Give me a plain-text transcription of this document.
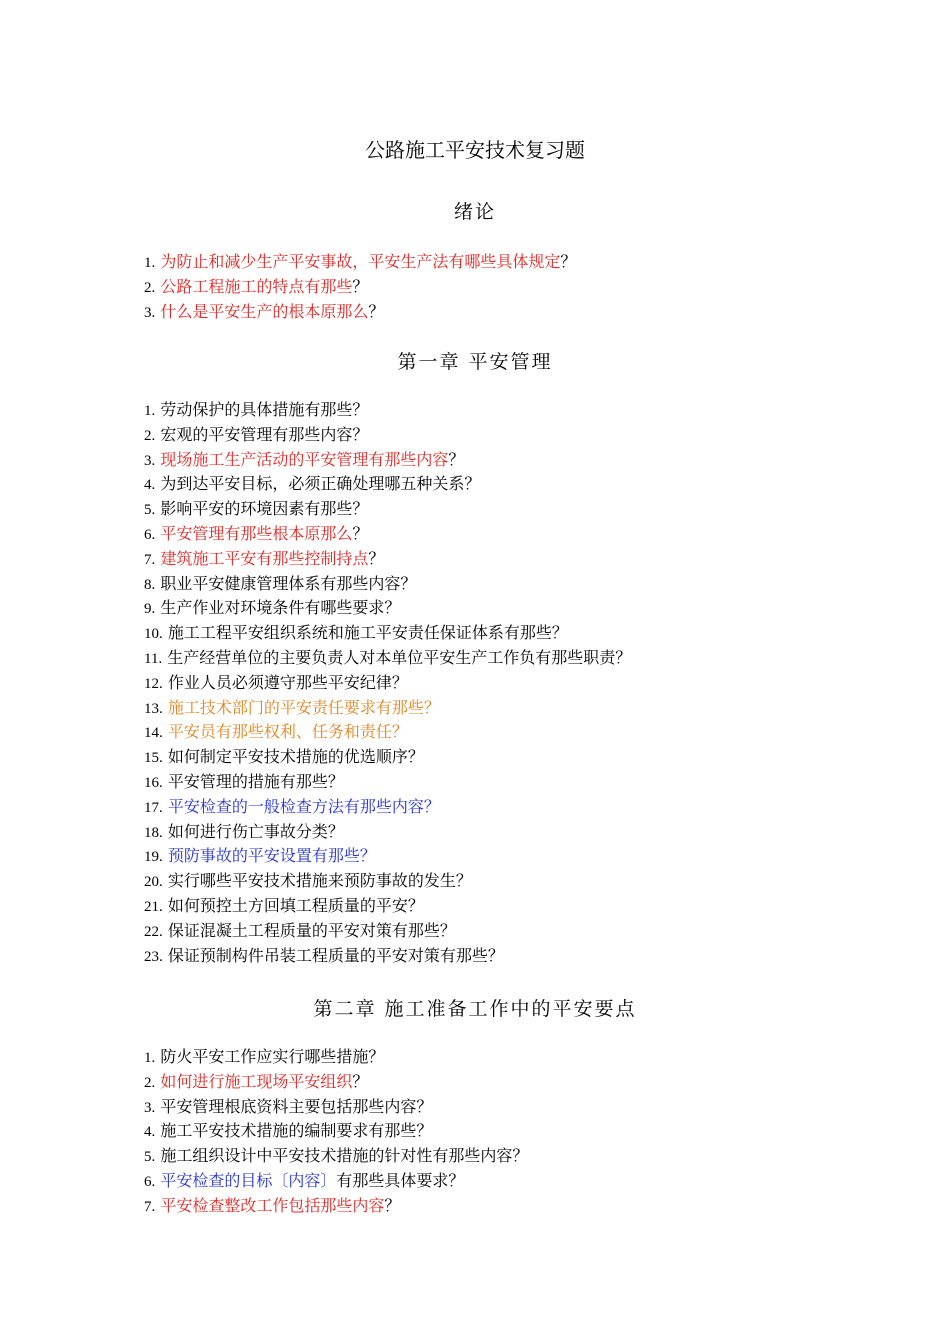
公路施工平安技术复习题
绪论
1. 为防止和减少生产平安事故，平安生产法有哪些具体规定？
2. 公路工程施工的特点有那些？
3. 什么是平安生产的根本原那么？
第一章 平安管理
1. 劳动保护的具体措施有那些？
2. 宏观的平安管理有那些内容？
3. 现场施工生产活动的平安管理有那些内容？
4. 为到达平安目标，必须正确处理哪五种关系？
5. 影响平安的环境因素有那些？
6. 平安管理有那些根本原那么？
7. 建筑施工平安有那些控制持点？
8. 职业平安健康管理体系有那些内容？
9. 生产作业对环境条件有哪些要求？
10. 施工工程平安组织系统和施工平安责任保证体系有那些？
11. 生产经营单位的主要负责人对本单位平安生产工作负有那些职责？
12. 作业人员必须遵守那些平安纪律？
13. 施工技术部门的平安责任要求有那些？
14. 平安员有那些权利、任务和责任？
15. 如何制定平安技术措施的优选顺序？
16. 平安管理的措施有那些？
17. 平安检查的一般检查方法有那些内容？
18. 如何进行伤亡事故分类？
19. 预防事故的平安设置有那些？
20. 实行哪些平安技术措施来预防事故的发生？
21. 如何预控土方回填工程质量的平安？
22. 保证混凝土工程质量的平安对策有那些？
23. 保证预制构件吊装工程质量的平安对策有那些？
第二章 施工准备工作中的平安要点
1. 防火平安工作应实行哪些措施？
2. 如何进行施工现场平安组织？
3. 平安管理根底资料主要包括那些内容？
4. 施工平安技术措施的编制要求有那些？
5. 施工组织设计中平安技术措施的针对性有那些内容？
6. 平安检查的目标〔内容〕有那些具体要求？
7. 平安检查整改工作包括那些内容？
